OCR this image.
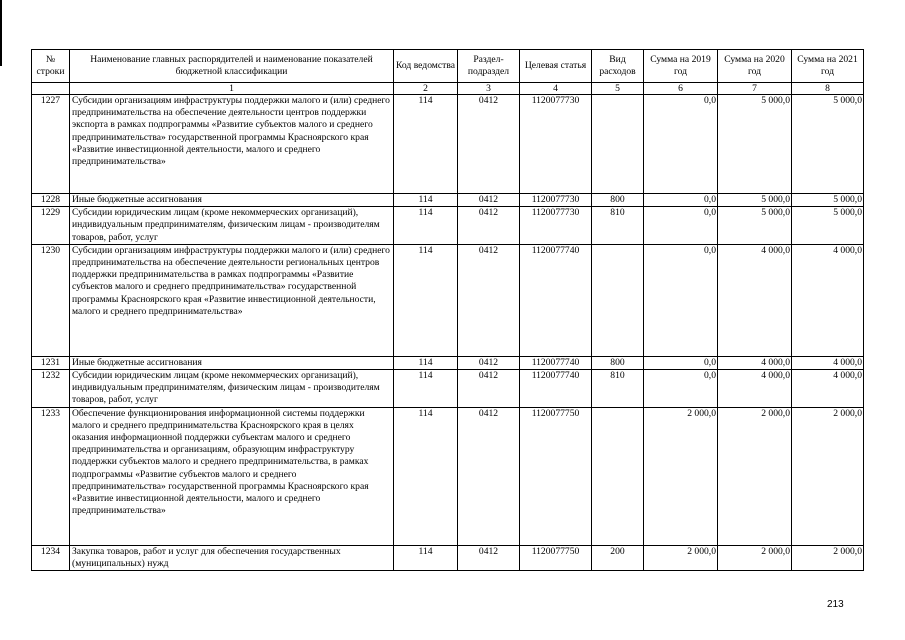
№ строки	Наименование главных распорядителей и наименование показателей бюджетной классификации	Код ведомства	Раздел-подраздел	Целевая статья	Вид расходов	Сумма на 2019 год	Сумма на 2020 год	Сумма на 2021 год
	1	2	3	4	5	6	7	8
1227	Субсидии организациям инфраструктуры поддержки малого и (или) среднего предпринимательства на обеспечение деятельности центров поддержки экспорта в рамках подпрограммы «Развитие субъектов малого и среднего предпринимательства» государственной программы Красноярского края «Развитие инвестиционной деятельности, малого и среднего предпринимательства»	114	0412	1120077730		0,0	5 000,0	5 000,0
1228	Иные бюджетные ассигнования	114	0412	1120077730	800	0,0	5 000,0	5 000,0
1229	Субсидии юридическим лицам (кроме некоммерческих организаций), индивидуальным предпринимателям, физическим лицам - производителям товаров, работ, услуг	114	0412	1120077730	810	0,0	5 000,0	5 000,0
1230	Субсидии организациям инфраструктуры поддержки малого и (или) среднего предпринимательства на обеспечение деятельности региональных центров поддержки предпринимательства в рамках подпрограммы «Развитие субъектов малого и среднего предпринимательства» государственной программы Красноярского края «Развитие инвестиционной деятельности, малого и среднего предпринимательства»	114	0412	1120077740		0,0	4 000,0	4 000,0
1231	Иные бюджетные ассигнования	114	0412	1120077740	800	0,0	4 000,0	4 000,0
1232	Субсидии юридическим лицам (кроме некоммерческих организаций), индивидуальным предпринимателям, физическим лицам - производителям товаров, работ, услуг	114	0412	1120077740	810	0,0	4 000,0	4 000,0
1233	Обеспечение функционирования информационной системы поддержки малого и среднего предпринимательства Красноярского края в целях оказания информационной поддержки субъектам малого и среднего предпринимательства и организациям, образующим инфраструктуру поддержки субъектов малого и среднего предпринимательства, в рамках подпрограммы «Развитие субъектов малого и среднего предпринимательства» государственной программы Красноярского края «Развитие инвестиционной деятельности, малого и среднего предпринимательства»	114	0412	1120077750		2 000,0	2 000,0	2 000,0
1234	Закупка товаров, работ и услуг для обеспечения государственных (муниципальных) нужд	114	0412	1120077750	200	2 000,0	2 000,0	2 000,0
213
